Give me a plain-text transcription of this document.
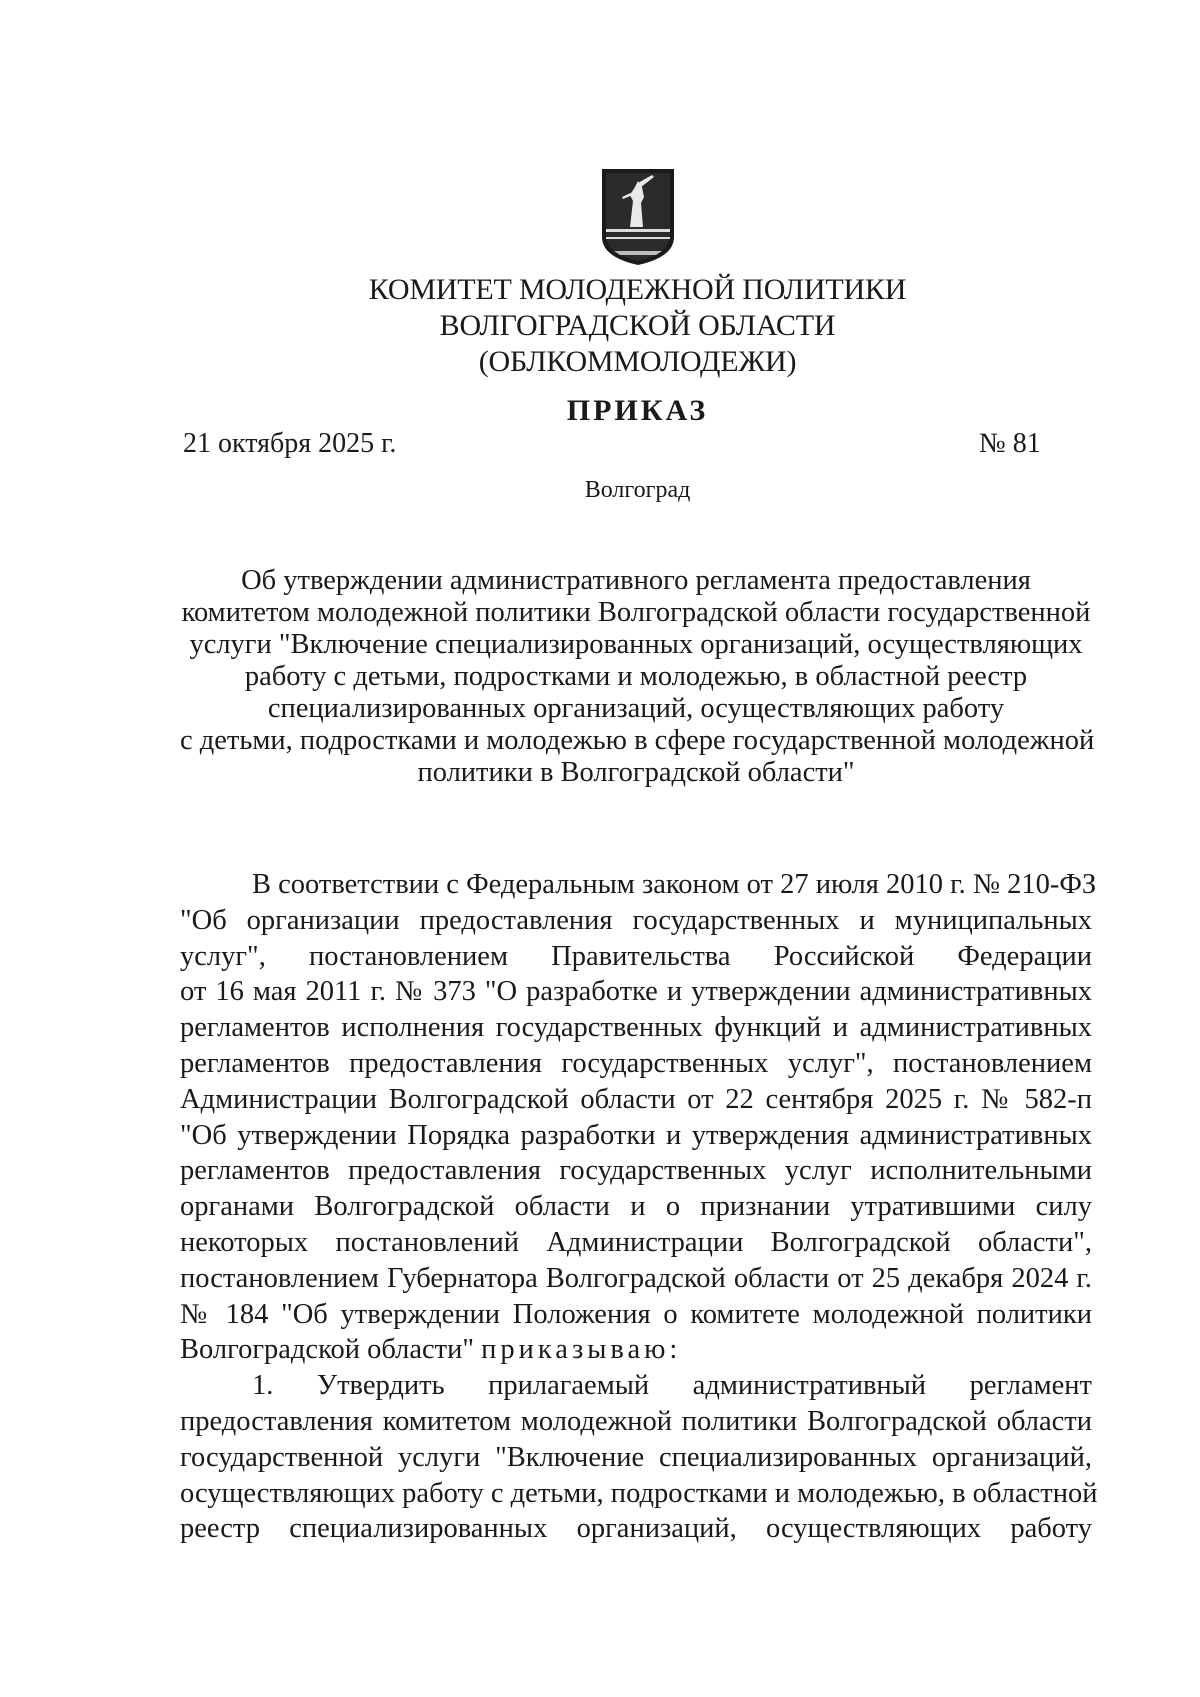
КОМИТЕТ МОЛОДЕЖНОЙ ПОЛИТИКИ
ВОЛГОГРАДСКОЙ ОБЛАСТИ
(ОБЛКОММОЛОДЕЖИ)
ПРИКАЗ
21 октября 2025 г.	№ 81
Волгоград
Об утверждении административного регламента предоставления
комитетом молодежной политики Волгоградской области государственной
услуги "Включение специализированных организаций, осуществляющих
работу с детьми, подростками и молодежью, в областной реестр
специализированных организаций, осуществляющих работу
с детьми, подростками и молодежью в сфере государственной молодежной
политики в Волгоградской области"
В соответствии с Федеральным законом от 27 июля 2010 г. № 210-ФЗ
"Об организации предоставления государственных и муниципальных
услуг", постановлением Правительства Российской Федерации
от 16 мая 2011 г. № 373 "О разработке и утверждении административных
регламентов исполнения государственных функций и административных
регламентов предоставления государственных услуг", постановлением
Администрации Волгоградской области от 22 сентября 2025 г. № 582-п
"Об утверждении Порядка разработки и утверждения административных
регламентов предоставления государственных услуг исполнительными
органами Волгоградской области и о признании утратившими силу
некоторых постановлений Администрации Волгоградской области",
постановлением Губернатора Волгоградской области от 25 декабря 2024 г.
№ 184 "Об утверждении Положения о комитете молодежной политики
Волгоградской области" приказываю:
1. Утвердить прилагаемый административный регламент
предоставления комитетом молодежной политики Волгоградской области
государственной услуги "Включение специализированных организаций,
осуществляющих работу с детьми, подростками и молодежью, в областной
реестр специализированных организаций, осуществляющих работу
